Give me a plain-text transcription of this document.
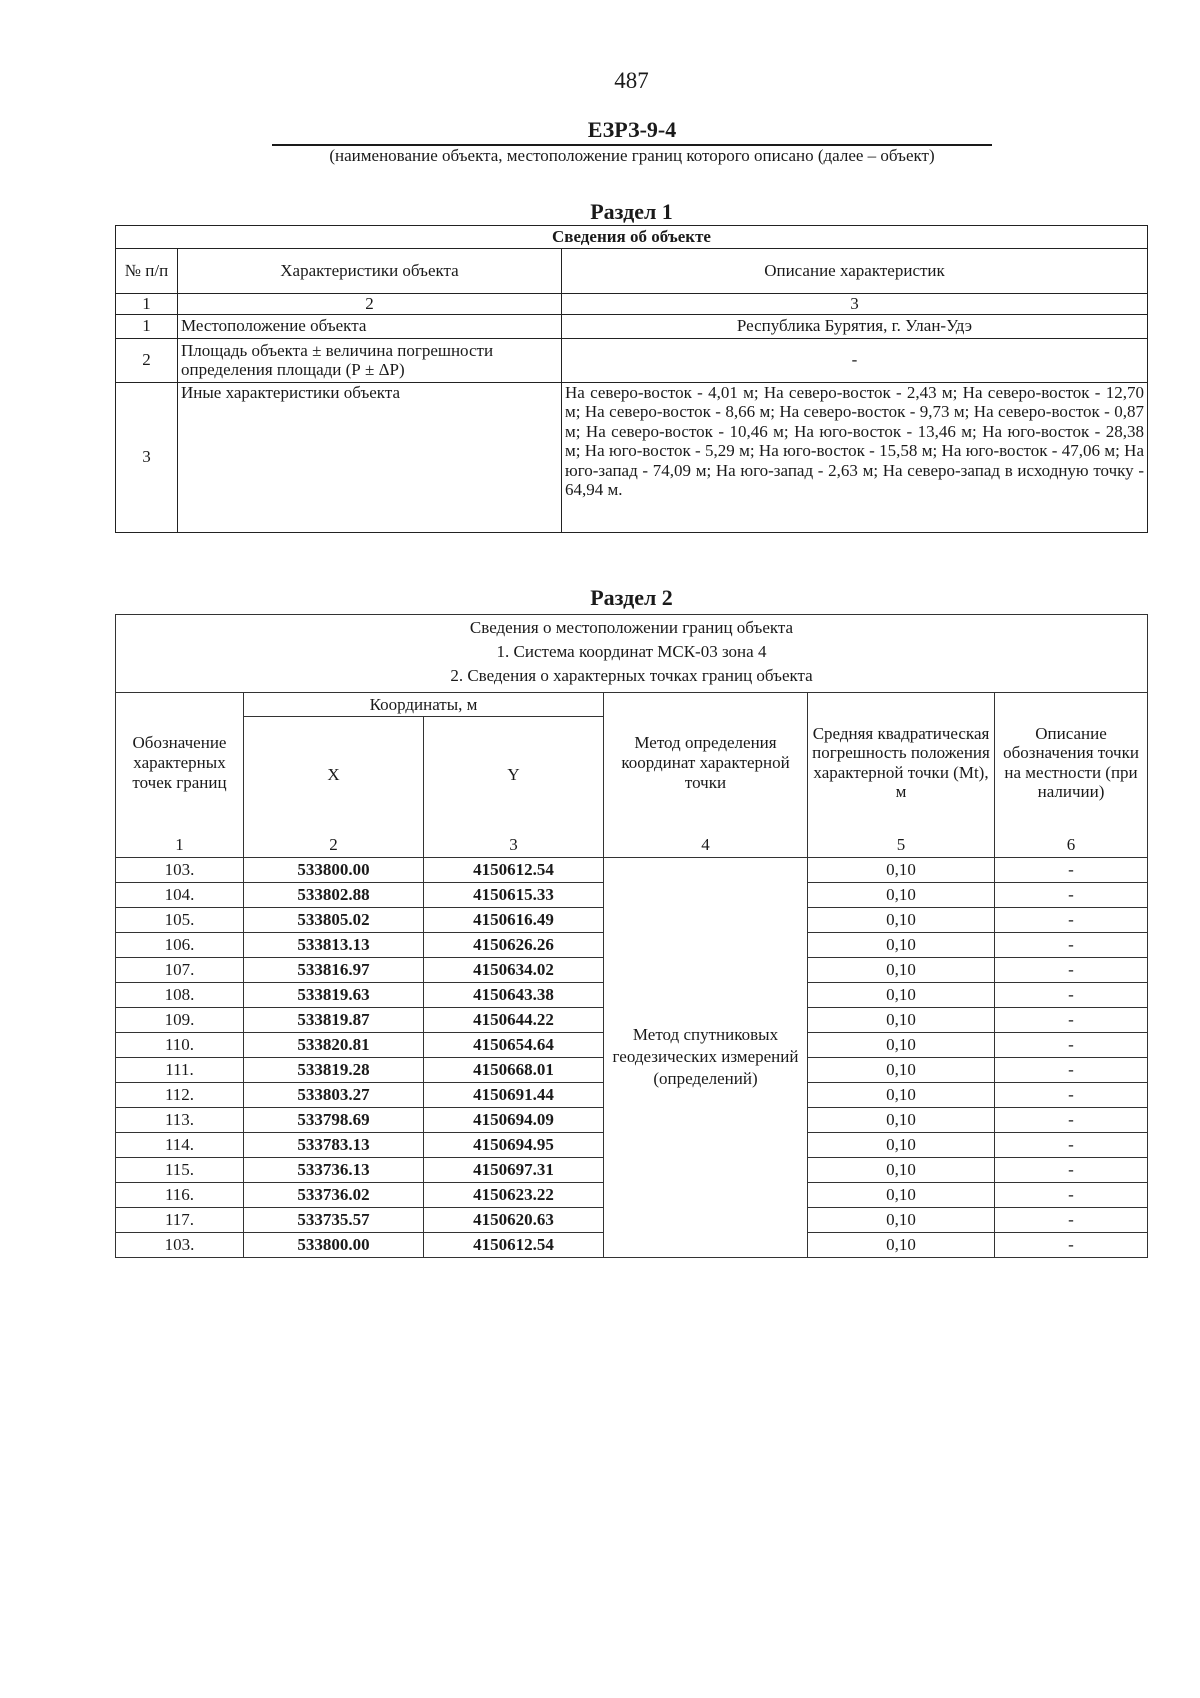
487
ЕЗРЗ-9-4
(наименование объекта, местоположение границ которого описано (далее – объект)
Раздел 1
Сведения об объекте		
№ п/п	Характеристики объекта	Описание характеристик
1	2	3
1	Местоположение объекта	Республика Бурятия, г. Улан-Удэ
2	Площадь объекта ± величина погрешности определения площади (Р ± ΔР)	-
3	Иные характеристики объекта	На северо-восток - 4,01 м; На северо-восток - 2,43 м; На северо-восток - 12,70 м; На северо-восток - 8,66 м; На северо-восток - 9,73 м; На северо-восток - 0,87 м; На северо-восток - 10,46 м; На юго-восток - 13,46 м; На юго-восток - 28,38 м; На юго-восток - 5,29 м; На юго-восток - 15,58 м; На юго-восток - 47,06 м; На юго-запад - 74,09 м; На юго-запад - 2,63 м; На северо-запад в исходную точку - 64,94 м.
Раздел 2
Сведения о местоположении границ объекта
1. Система координат МСК-03 зона 4
2. Сведения о характерных точках границ объекта					

Обозначение характерных точек границ	Координаты, м		Метод определения координат характерной точки	Средняя квадратическая погрешность положения характерной точки (Mt), м	Описание обозначения точки на местности (при наличии)
	X	Y			
1	2	3	4	5	6
103.	533800.00	4150612.54	Метод спутниковых геодезических измерений (определений)	0,10	-
104.	533802.88	4150615.33		0,10	-
105.	533805.02	4150616.49		0,10	-
106.	533813.13	4150626.26		0,10	-
107.	533816.97	4150634.02		0,10	-
108.	533819.63	4150643.38		0,10	-
109.	533819.87	4150644.22		0,10	-
110.	533820.81	4150654.64		0,10	-
111.	533819.28	4150668.01		0,10	-
112.	533803.27	4150691.44		0,10	-
113.	533798.69	4150694.09		0,10	-
114.	533783.13	4150694.95		0,10	-
115.	533736.13	4150697.31		0,10	-
116.	533736.02	4150623.22		0,10	-
117.	533735.57	4150620.63		0,10	-
103.	533800.00	4150612.54		0,10	-
